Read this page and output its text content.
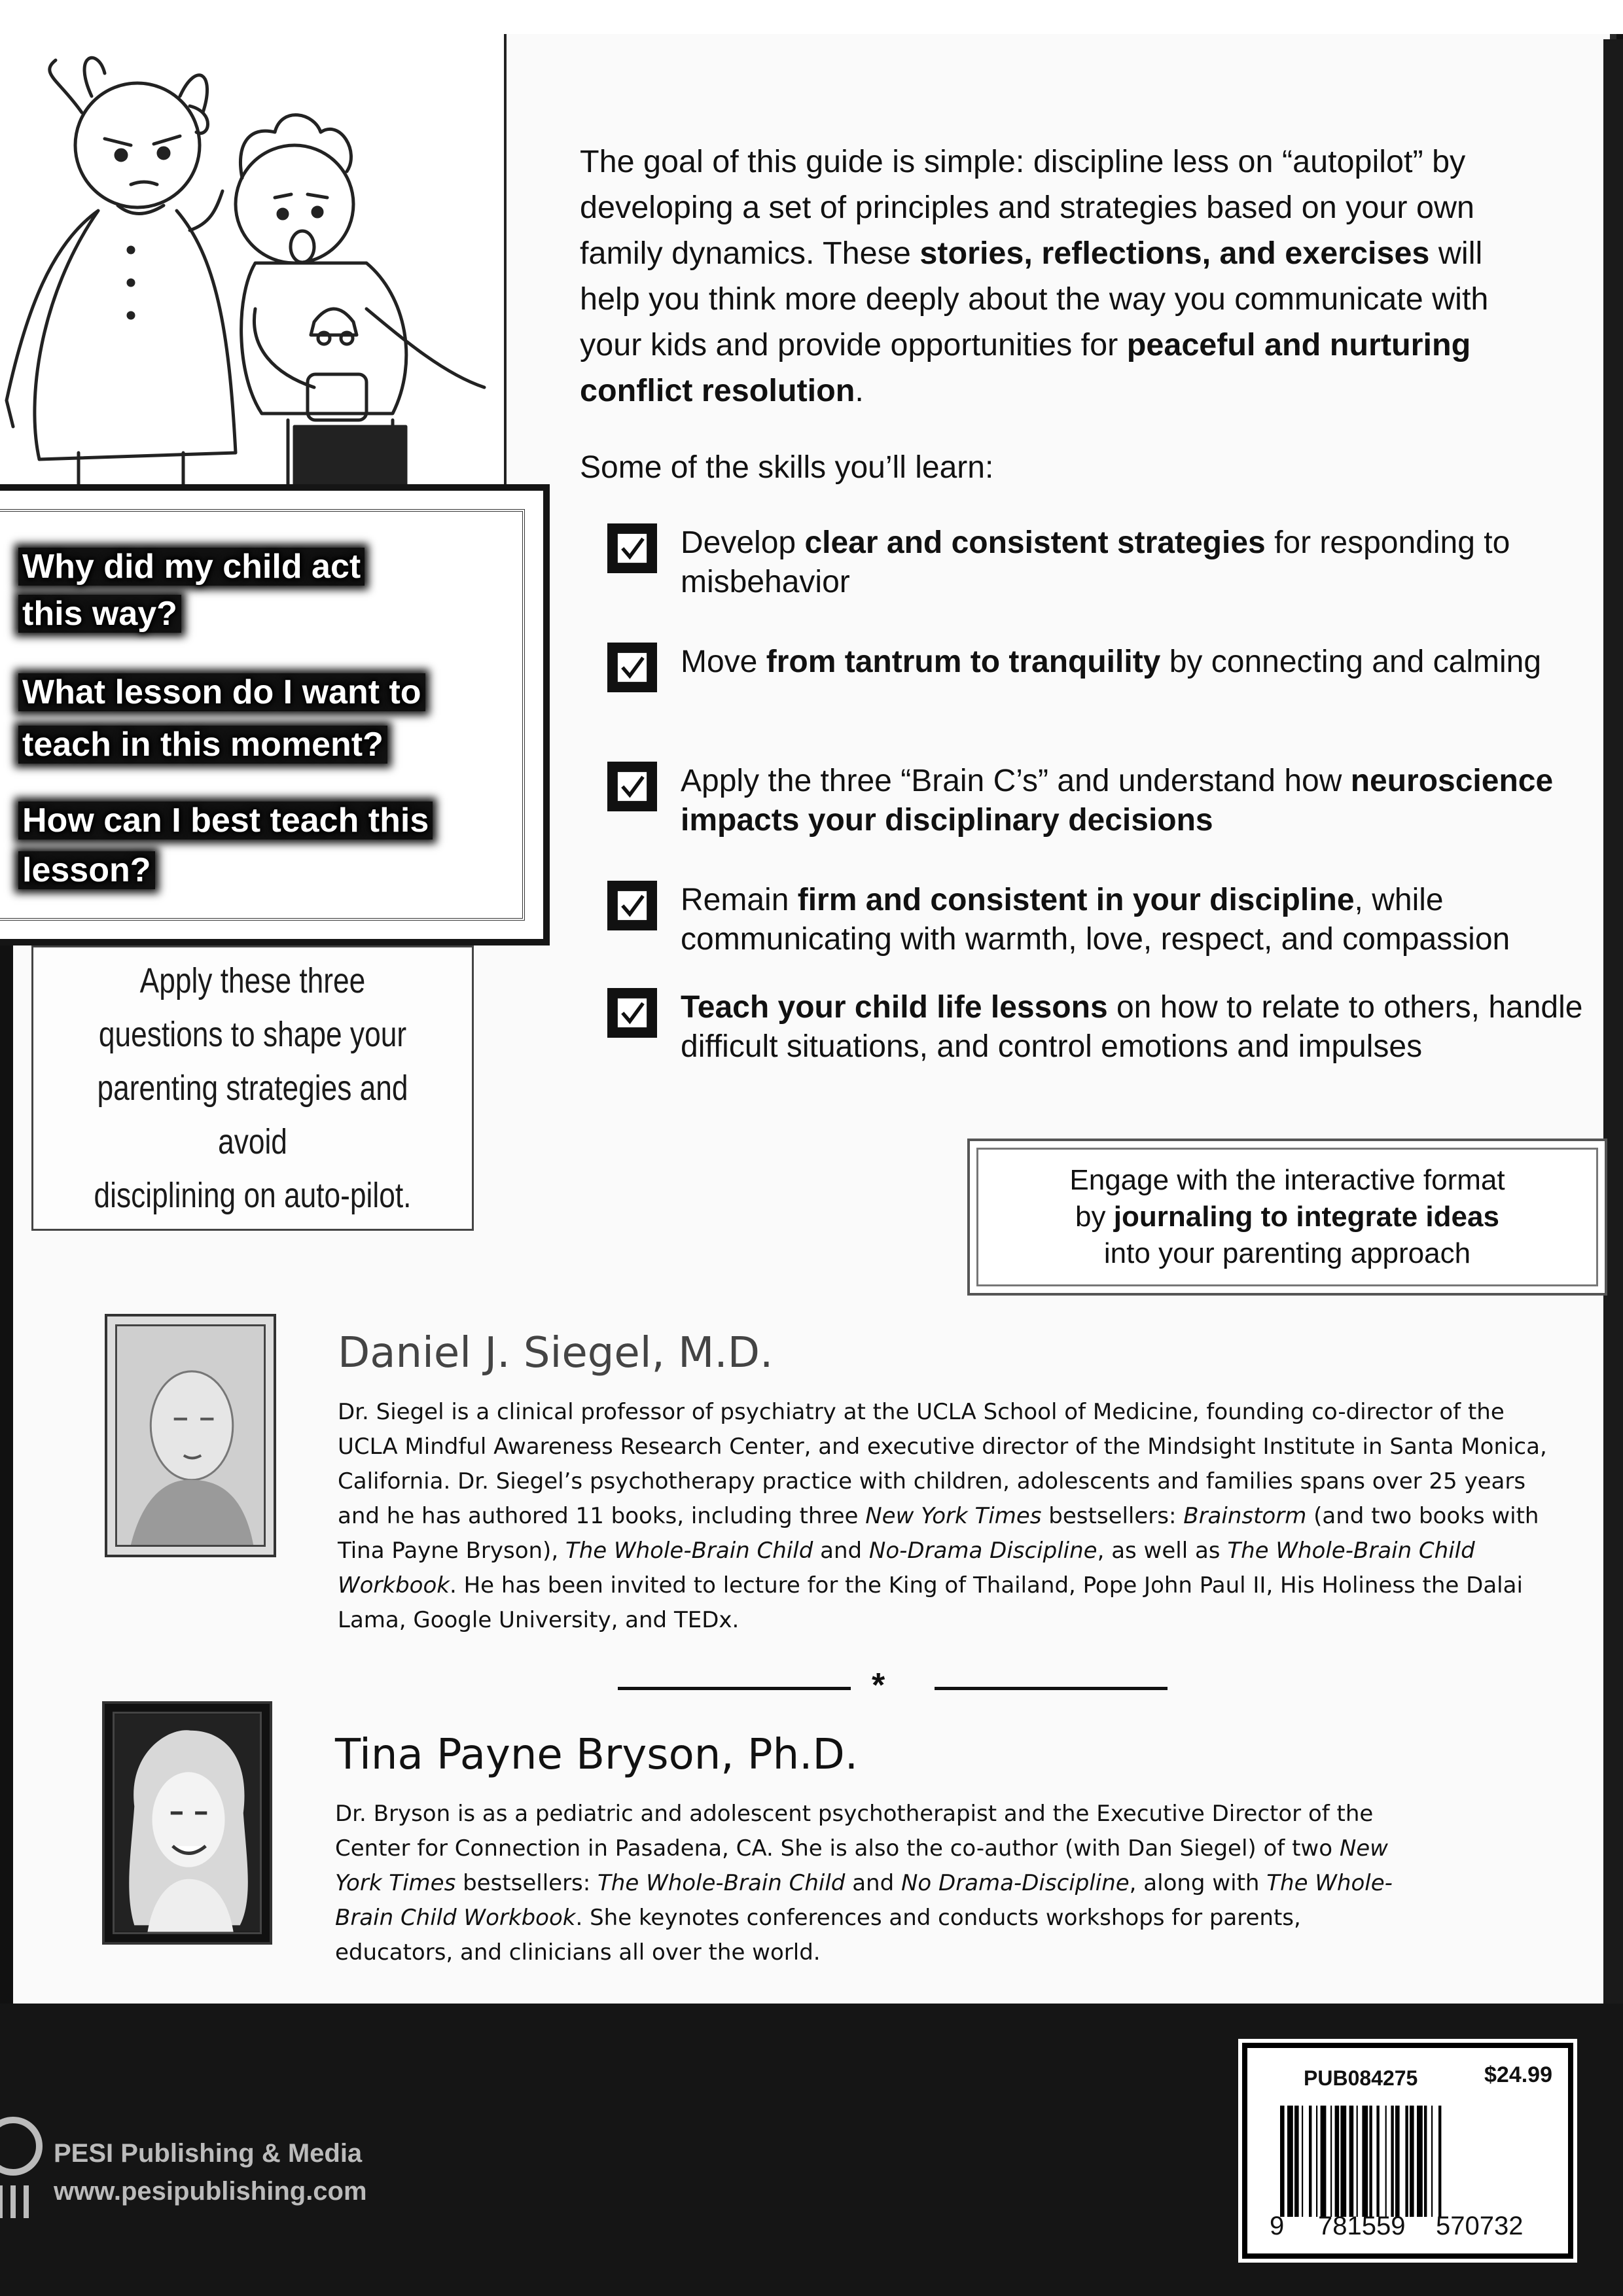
Why did my child act
this way?
What lesson do I want to
teach in this moment?
How can I best teach this
lesson?
Apply these three
questions to shape your
parenting strategies and avoid
disciplining on auto-pilot.
The goal of this guide is simple: discipline less on “autopilot” by developing a set of principles and strategies based on your own family dynamics. These stories, reflections, and exercises will help you think more deeply about the way you communicate with your kids and provide opportunities for peaceful and nurturing conflict resolution.
Some of the skills you’ll learn:
Develop clear and consistent strategies for responding to misbehavior
Move from tantrum to tranquility by connecting and calming
Apply the three “Brain C’s” and understand how neuroscience impacts your disciplinary decisions
Remain firm and consistent in your discipline, while communicating with warmth, love, respect, and compassion
Teach your child life lessons on how to relate to others, handle difficult situations, and control emotions and impulses
Engage with the interactive format
by journaling to integrate ideas
into your parenting approach
Daniel J. Siegel, M.D.
Dr. Siegel is a clinical professor of psychiatry at the UCLA School of Medicine, founding co-director of the UCLA Mindful Awareness Research Center, and executive director of the Mindsight Institute in Santa Monica, California. Dr. Siegel’s psychotherapy practice with children, adolescents and families spans over 25 years and he has authored 11 books, including three New York Times bestsellers: Brainstorm (and two books with Tina Payne Bryson), The Whole-Brain Child and No-Drama Discipline, as well as The Whole-Brain Child Workbook. He has been invited to lecture for the King of Thailand, Pope John Paul II, His Holiness the Dalai Lama, Google University, and TEDx.
*
Tina Payne Bryson, Ph.D.
Dr. Bryson is as a pediatric and adolescent psychotherapist and the Executive Director of the Center for Connection in Pasadena, CA. She is also the co-author (with Dan Siegel) of two New York Times bestsellers: The Whole-Brain Child and No Drama-Discipline, along with The Whole-Brain Child Workbook. She keynotes conferences and conducts workshops for parents, educators, and clinicians all over the world.
PESI Publishing & Media
www.pesipublishing.com
PUB084275	$24.99
9 781559 570732
